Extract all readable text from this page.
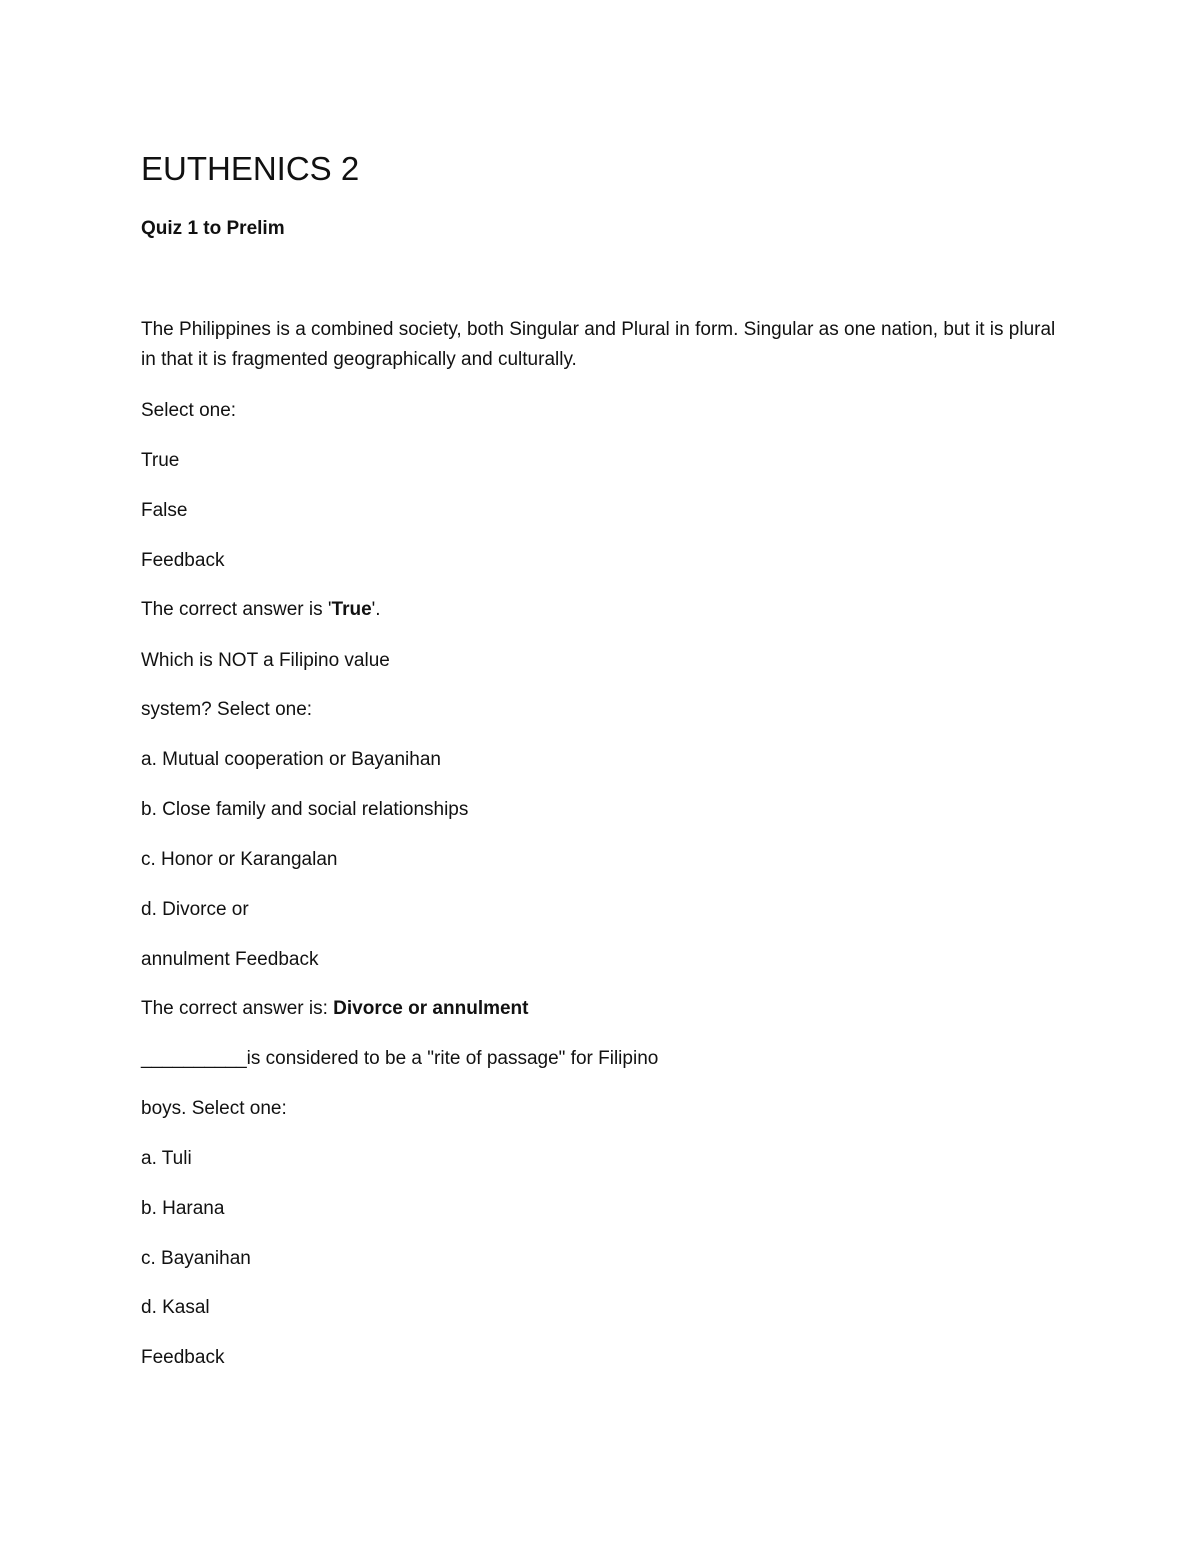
EUTHENICS 2
Quiz 1 to Prelim

The Philippines is a combined society, both Singular and Plural in form. Singular as one nation, but it is plural in that it is fragmented geographically and culturally.

Select one:

True

False

Feedback

The correct answer is 'True'.

Which is NOT a Filipino value

system? Select one:

a. Mutual cooperation or Bayanihan

b. Close family and social relationships

c. Honor or Karangalan

d. Divorce or

annulment Feedback

The correct answer is: Divorce or annulment

__________is considered to be a "rite of passage" for Filipino

boys. Select one:

a. Tuli

b. Harana

c. Bayanihan

d. Kasal

Feedback
